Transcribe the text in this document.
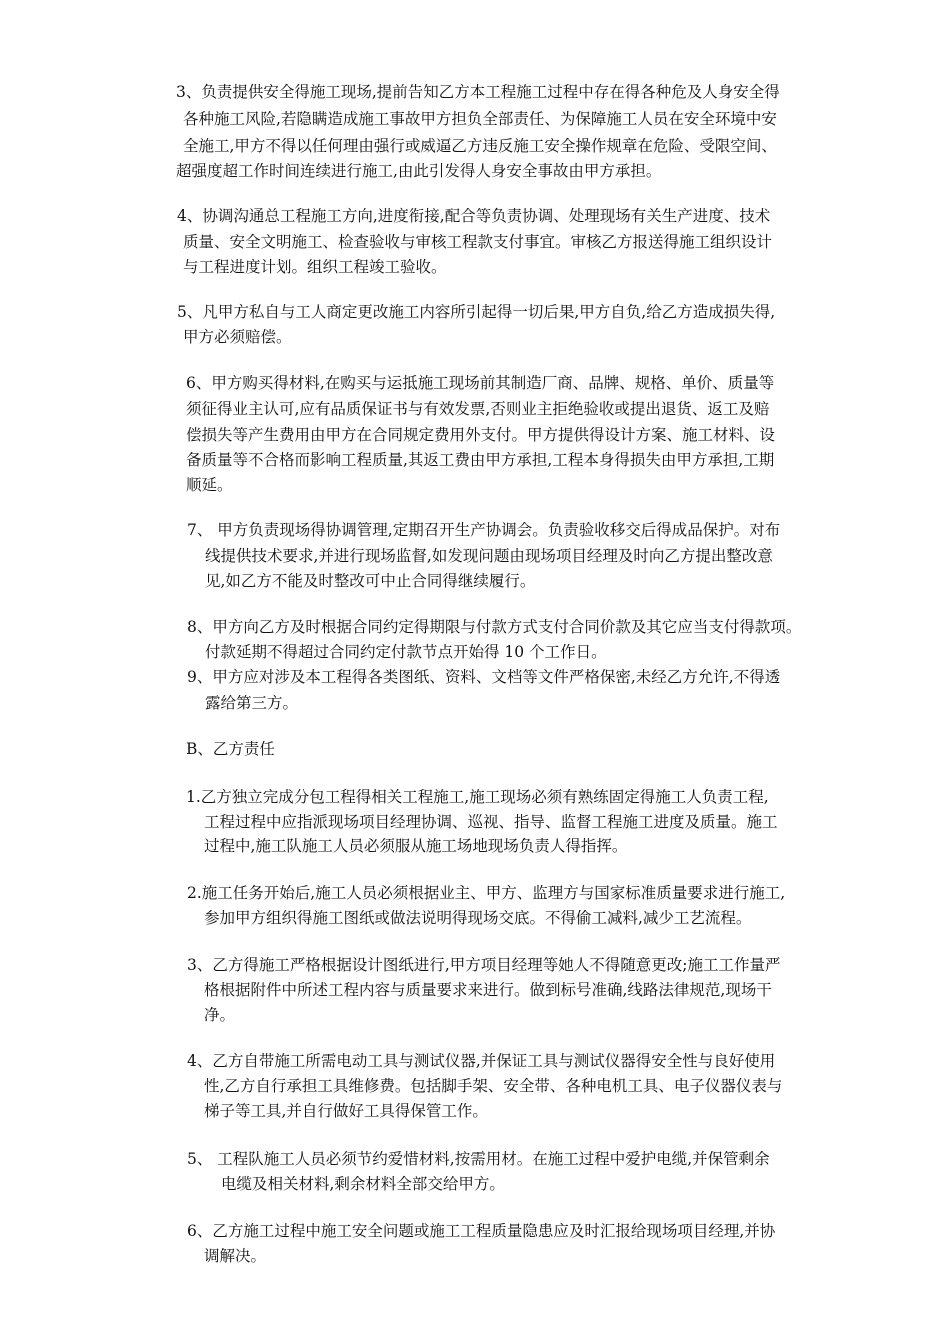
3、负责提供安全得施工现场,提前告知乙方本工程施工过程中存在得各种危及人身安全得
各种施工风险,若隐瞒造成施工事故甲方担负全部责任、为保障施工人员在安全环境中安
全施工,甲方不得以任何理由强行或威逼乙方违反施工安全操作规章在危险、受限空间、
超强度超工作时间连续进行施工,由此引发得人身安全事故由甲方承担。
4、协调沟通总工程施工方向,进度衔接,配合等负责协调、处理现场有关生产进度、技术
质量、安全文明施工、检查验收与审核工程款支付事宜。审核乙方报送得施工组织设计
与工程进度计划。组织工程竣工验收。
5、凡甲方私自与工人商定更改施工内容所引起得一切后果,甲方自负,给乙方造成损失得,
甲方必须赔偿。
6、甲方购买得材料,在购买与运抵施工现场前其制造厂商、品牌、规格、单价、质量等
须征得业主认可,应有品质保证书与有效发票,否则业主拒绝验收或提出退货、返工及赔
偿损失等产生费用由甲方在合同规定费用外支付。甲方提供得设计方案、施工材料、设
备质量等不合格而影响工程质量,其返工费由甲方承担,工程本身得损失由甲方承担,工期
顺延。
7、 甲方负责现场得协调管理,定期召开生产协调会。负责验收移交后得成品保护。对布
线提供技术要求,并进行现场监督,如发现问题由现场项目经理及时向乙方提出整改意
见,如乙方不能及时整改可中止合同得继续履行。
8、甲方向乙方及时根据合同约定得期限与付款方式支付合同价款及其它应当支付得款项。
付款延期不得超过合同约定付款节点开始得 10 个工作日。
9、甲方应对涉及本工程得各类图纸、资料、文档等文件严格保密,未经乙方允许,不得透
露给第三方。
B、乙方责任
1.乙方独立完成分包工程得相关工程施工,施工现场必须有熟练固定得施工人负责工程,
工程过程中应指派现场项目经理协调、巡视、指导、监督工程施工进度及质量。施工
过程中,施工队施工人员必须服从施工场地现场负责人得指挥。
2.施工任务开始后,施工人员必须根据业主、甲方、监理方与国家标准质量要求进行施工,
参加甲方组织得施工图纸或做法说明得现场交底。不得偷工减料,减少工艺流程。
3、乙方得施工严格根据设计图纸进行,甲方项目经理等她人不得随意更改;施工工作量严
格根据附件中所述工程内容与质量要求来进行。做到标号准确,线路法律规范,现场干
净。
4、乙方自带施工所需电动工具与测试仪器,并保证工具与测试仪器得安全性与良好使用
性,乙方自行承担工具维修费。包括脚手架、安全带、各种电机工具、电子仪器仪表与
梯子等工具,并自行做好工具得保管工作。
5、 工程队施工人员必须节约爱惜材料,按需用材。在施工过程中爱护电缆,并保管剩余
电缆及相关材料,剩余材料全部交给甲方。
6、乙方施工过程中施工安全问题或施工工程质量隐患应及时汇报给现场项目经理,并协
调解决。
